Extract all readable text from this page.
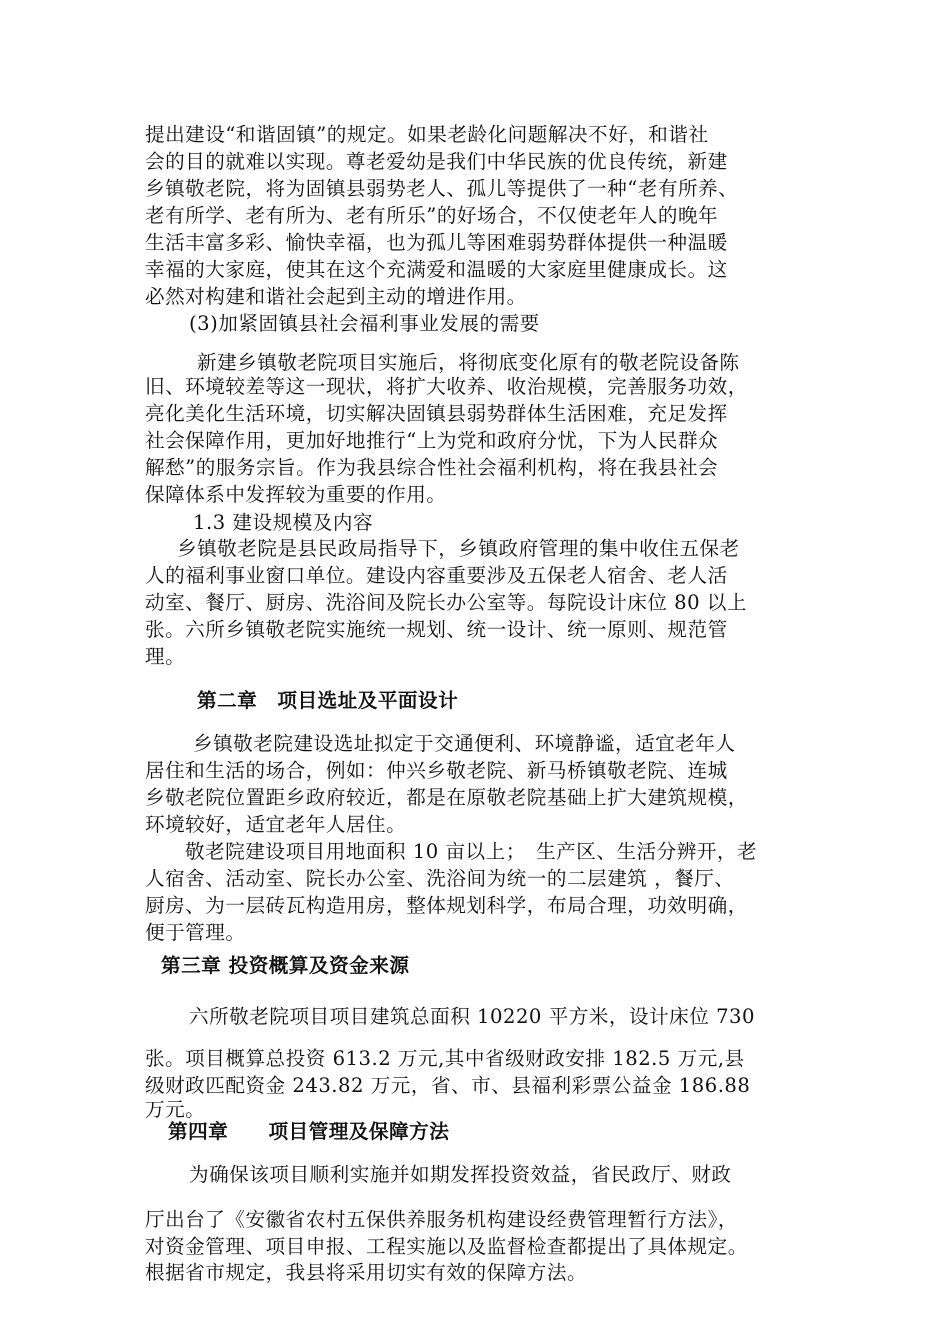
提出建设“和谐固镇”的规定。如果老龄化问题解决不好，和谐社
会的目的就难以实现。尊老爱幼是我们中华民族的优良传统，新建
乡镇敬老院，将为固镇县弱势老人、孤儿等提供了一种“老有所养、
老有所学、老有所为、老有所乐”的好场合，不仅使老年人的晚年
生活丰富多彩、愉快幸福，也为孤儿等困难弱势群体提供一种温暖
幸福的大家庭，使其在这个充满爱和温暖的大家庭里健康成长。这
必然对构建和谐社会起到主动的增进作用。
(3)加紧固镇县社会福利事业发展的需要
新建乡镇敬老院项目实施后，将彻底变化原有的敬老院设备陈
旧、环境较差等这一现状，将扩大收养、收治规模，完善服务功效，
亮化美化生活环境，切实解决固镇县弱势群体生活困难，充足发挥
社会保障作用，更加好地推行“上为党和政府分忧，下为人民群众
解愁”的服务宗旨。作为我县综合性社会福利机构，将在我县社会
保障体系中发挥较为重要的作用。
1.3 建设规模及内容
乡镇敬老院是县民政局指导下，乡镇政府管理的集中收住五保老
人的福利事业窗口单位。建设内容重要涉及五保老人宿舍、老人活
动室、餐厅、厨房、洗浴间及院长办公室等。每院设计床位 80 以上
张。六所乡镇敬老院实施统一规划、统一设计、统一原则、规范管
理。
第二章　项目选址及平面设计
乡镇敬老院建设选址拟定于交通便利、环境静谧，适宜老年人
居住和生活的场合，例如：仲兴乡敬老院、新马桥镇敬老院、连城
乡敬老院位置距乡政府较近，都是在原敬老院基础上扩大建筑规模，
环境较好，适宜老年人居住。
敬老院建设项目用地面积 10 亩以上；　生产区、生活分辨开，老
人宿舍、活动室、院长办公室、洗浴间为统一的二层建筑 ，餐厅、
厨房、为一层砖瓦构造用房，整体规划科学，布局合理，功效明确，
便于管理。
第三章 投资概算及资金来源
六所敬老院项目项目建筑总面积 10220 平方米，设计床位 730
张。项目概算总投资 613.2 万元,其中省级财政安排 182.5 万元,县
级财政匹配资金 243.82 万元，省、市、县福利彩票公益金 186.88
万元。
第四章　　项目管理及保障方法
为确保该项目顺利实施并如期发挥投资效益，省民政厅、财政
厅出台了《安徽省农村五保供养服务机构建设经费管理暂行方法》，
对资金管理、项目申报、工程实施以及监督检查都提出了具体规定。
根据省市规定，我县将采用切实有效的保障方法。
